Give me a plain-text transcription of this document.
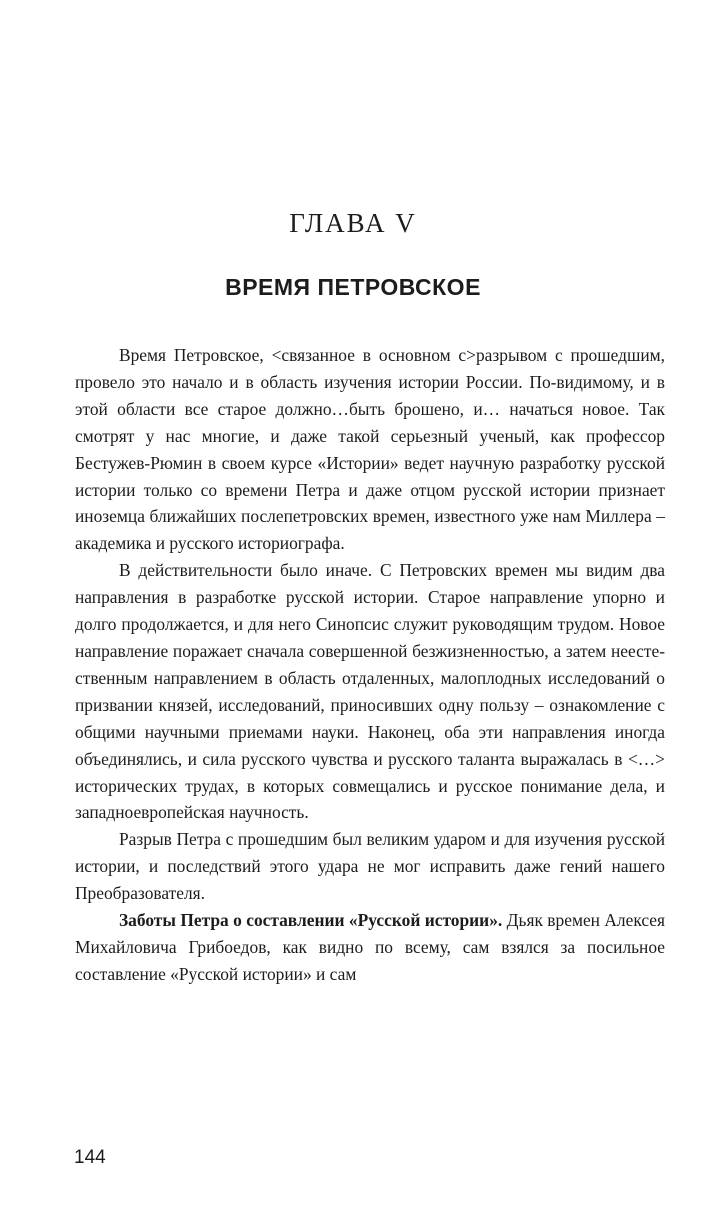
ГЛАВА V
ВРЕМЯ ПЕТРОВСКОЕ

Время Петровское, <связанное в основном с>разрывом с прошедшим, провело это начало и в область изучения истории России. По-видимому, и в этой области все старое должно…быть брошено, и… начаться новое. Так смотрят у нас многие, и даже такой серьезный ученый, как профессор Бестужев-Рюмин в своем курсе «Истории» ведет научную разработку русской истории только со времени Петра и даже отцом русской истории признает иноземца ближайших послепетровских времен, известного уже нам Миллера – академика и русского историографа.

В действительности было иначе. С Петровских времен мы видим два направления в разработке русской истории. Старое направление упорно и долго продолжается, и для него Синопсис служит руководящим трудом. Новое направление поражает сначала совершенной безжизненностью, а затем неестественным направлением в область отдаленных, малоплодных исследований о призвании князей, исследований, приносивших одну пользу – ознакомление с общими научными приемами науки. Наконец, оба эти направления иногда объединялись, и сила русского чувства и русского таланта выражалась в <…> исторических трудах, в которых совмещались и русское понимание дела, и западноевропейская научность.

Разрыв Петра с прошедшим был великим ударом и для изучения русской истории, и последствий этого удара не мог исправить даже гений нашего Преобразователя.

Заботы Петра о составлении «Русской истории». Дьяк времен Алексея Михайловича Грибоедов, как видно по всему, сам взялся за посильное составление «Русской истории» и сам

144
